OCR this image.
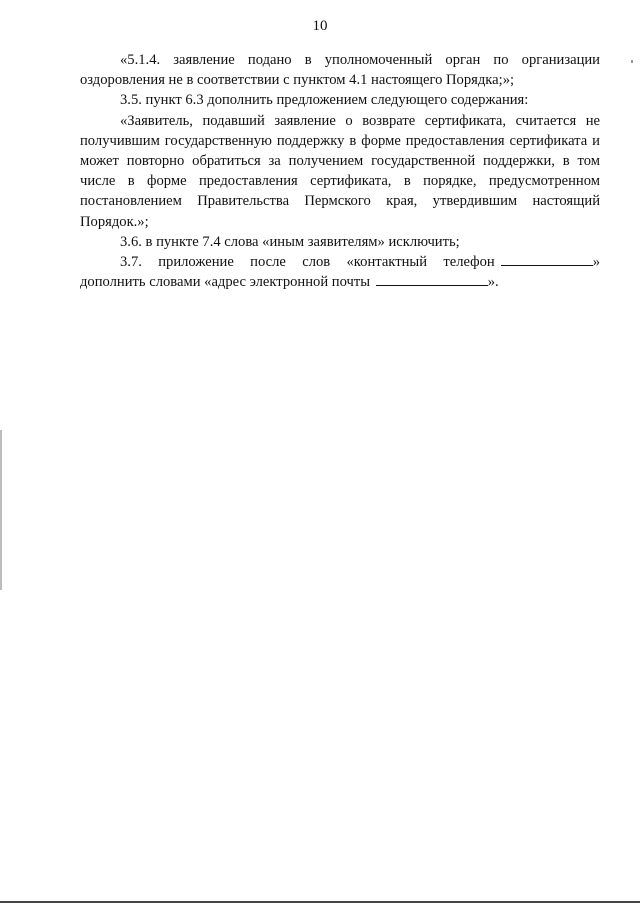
10

«5.1.4. заявление подано в уполномоченный орган по организации оздоровления не в соответствии с пунктом 4.1 настоящего Порядка;»;

3.5. пункт 6.3 дополнить предложением следующего содержания:

«Заявитель, подавший заявление о возврате сертификата, считается не получившим государственную поддержку в форме предоставления сертификата и может повторно обратиться за получением государственной поддержки, в том числе в форме предоставления сертификата, в порядке, предусмотренном постановлением Правительства Пермского края, утвердившим настоящий Порядок.»;

3.6. в пункте 7.4 слова «иным заявителям» исключить;

3.7. приложение после слов «контактный телефон	» дополнить словами «адрес электронной почты	».
